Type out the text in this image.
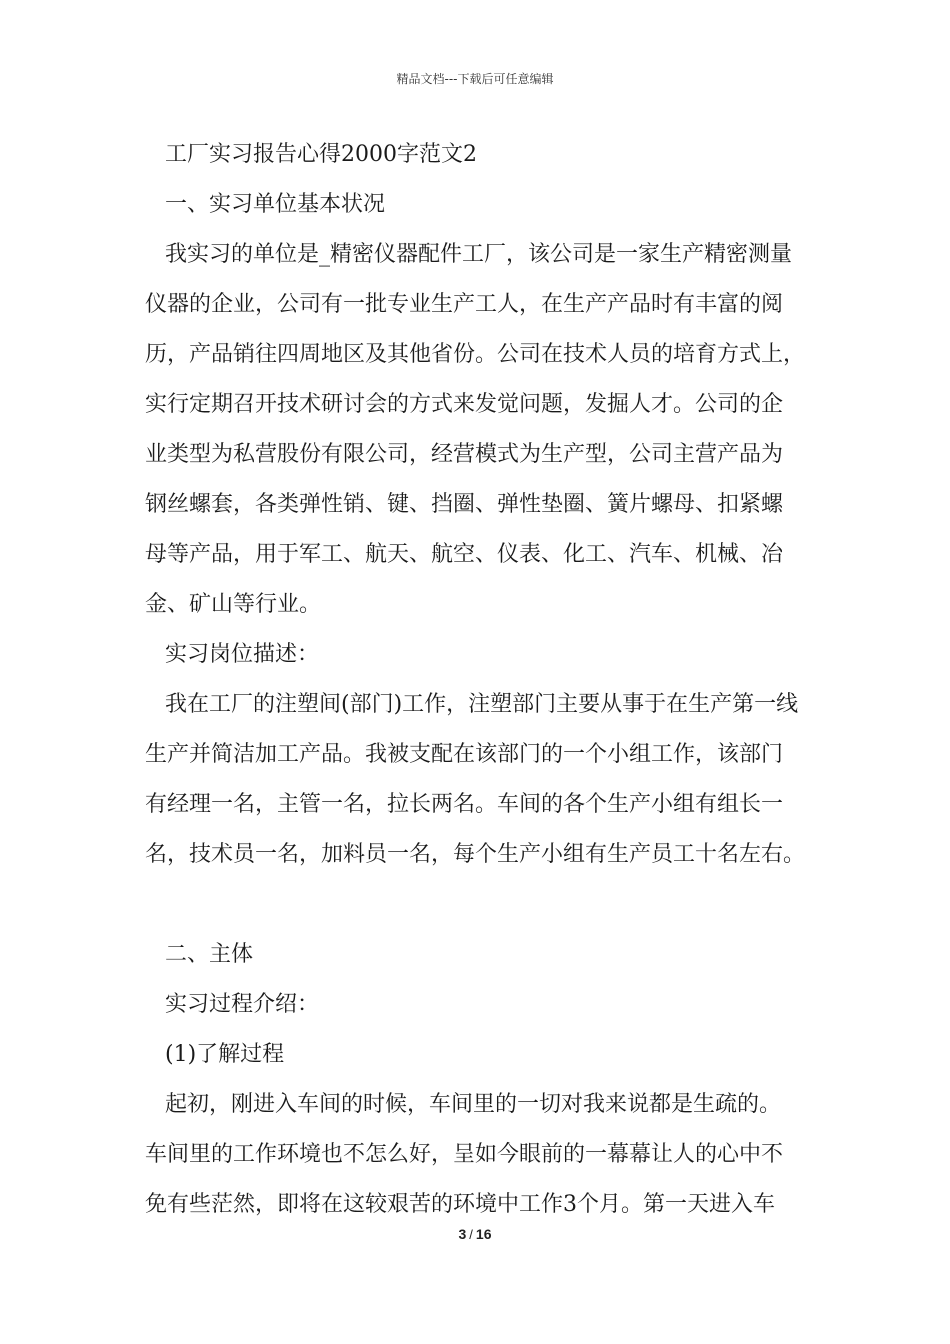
精品文档---下载后可任意编辑
工厂实习报告心得2000字范文2
一、实习单位基本状况
我实习的单位是_精密仪器配件工厂，该公司是一家生产精密测量
仪器的企业，公司有一批专业生产工人，在生产产品时有丰富的阅
历，产品销往四周地区及其他省份。公司在技术人员的培育方式上，
实行定期召开技术研讨会的方式来发觉问题，发掘人才。公司的企
业类型为私营股份有限公司，经营模式为生产型，公司主营产品为
钢丝螺套，各类弹性销、键、挡圈、弹性垫圈、簧片螺母、扣紧螺
母等产品，用于军工、航天、航空、仪表、化工、汽车、机械、冶
金、矿山等行业。
实习岗位描述：
我在工厂的注塑间(部门)工作，注塑部门主要从事于在生产第一线
生产并简洁加工产品。我被支配在该部门的一个小组工作，该部门
有经理一名，主管一名，拉长两名。车间的各个生产小组有组长一
名，技术员一名，加料员一名，每个生产小组有生产员工十名左右。
二、主体
实习过程介绍：
(1)了解过程
起初，刚进入车间的时候，车间里的一切对我来说都是生疏的。
车间里的工作环境也不怎么好，呈如今眼前的一幕幕让人的心中不
免有些茫然，即将在这较艰苦的环境中工作3个月。第一天进入车
3 / 16
